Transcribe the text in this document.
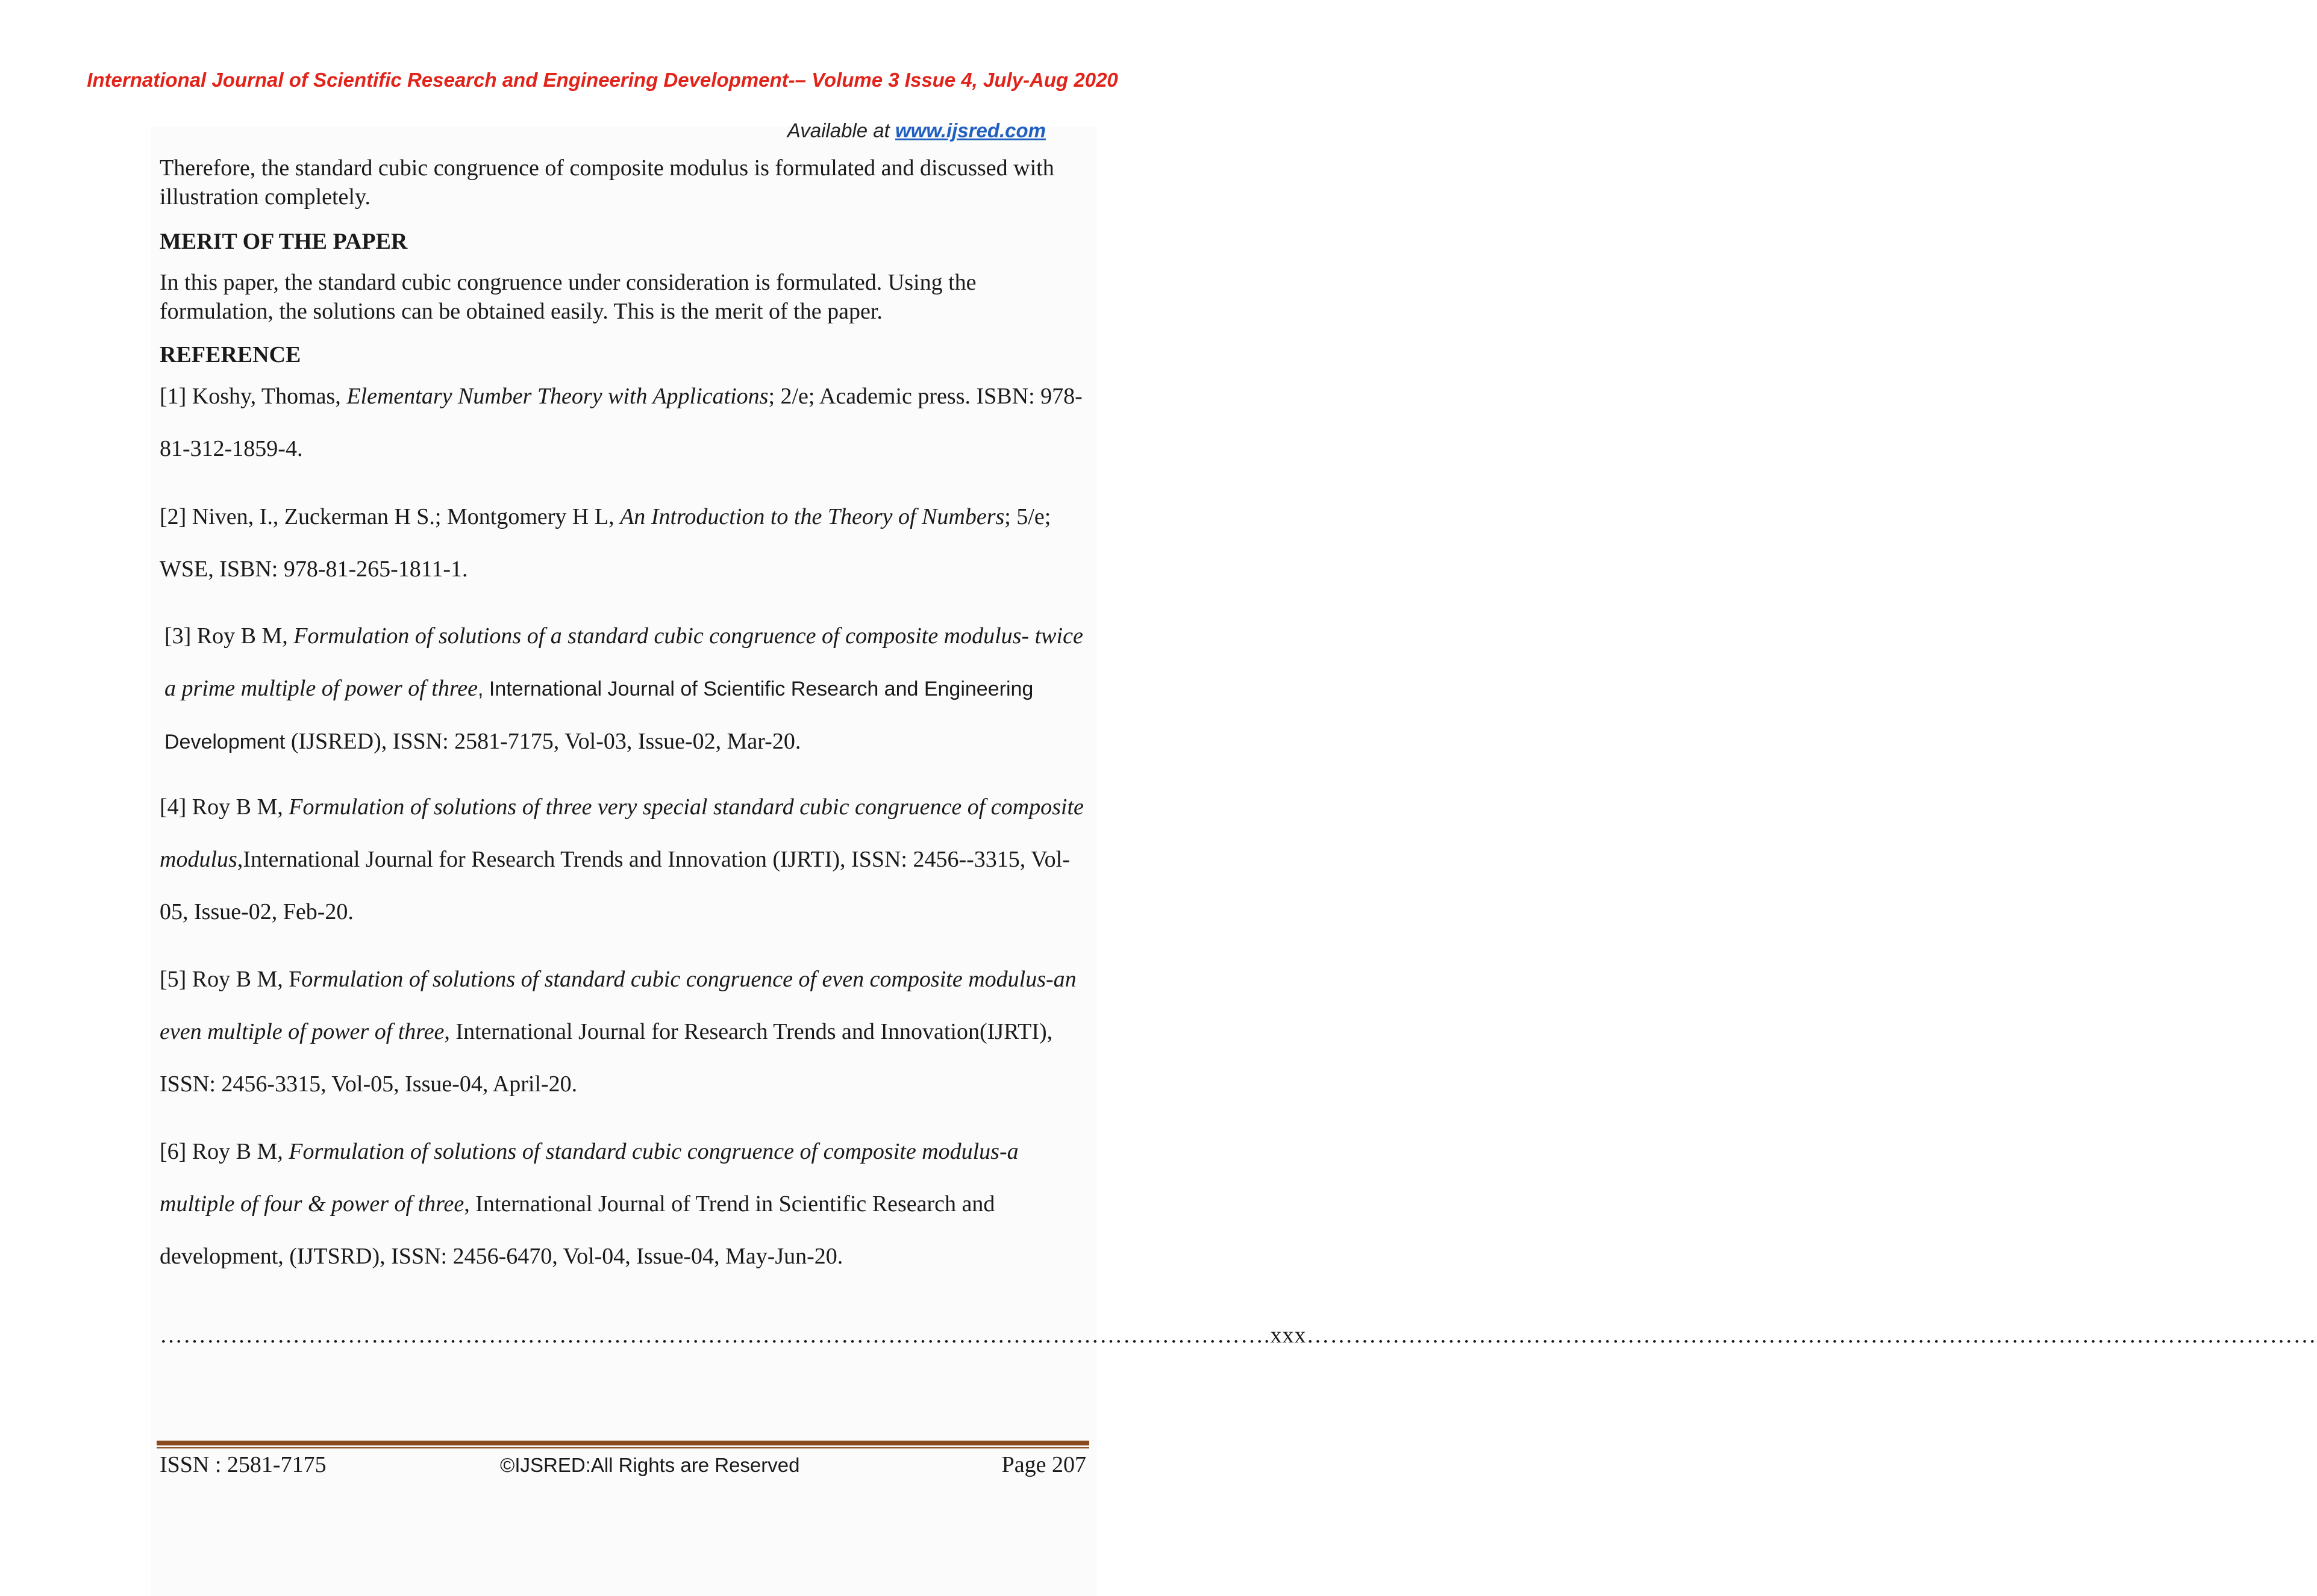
International Journal of Scientific Research and Engineering Development-– Volume 3 Issue 4, July-Aug 2020
Available at www.ijsred.com

Therefore, the standard cubic congruence of composite modulus is formulated and discussed with illustration completely.

MERIT OF THE PAPER

In this paper, the standard cubic congruence under consideration is formulated. Using the formulation, the solutions can be obtained easily. This is the merit of the paper.

REFERENCE

[1] Koshy, Thomas, Elementary Number Theory with Applications; 2/e; Academic press. ISBN: 978-81-312-1859-4.
[2] Niven, I., Zuckerman H S.; Montgomery H L, An Introduction to the Theory of Numbers; 5/e; WSE, ISBN: 978-81-265-1811-1.
[3] Roy B M, Formulation of solutions of a standard cubic congruence of composite modulus- twice a prime multiple of power of three, International Journal of Scientific Research and Engineering Development (IJSRED), ISSN: 2581-7175, Vol-03, Issue-02, Mar-20.
[4] Roy B M, Formulation of solutions of three very special standard cubic congruence of composite modulus,International Journal for Research Trends and Innovation (IJRTI), ISSN: 2456--3315, Vol-05, Issue-02, Feb-20.
[5] Roy B M, Formulation of solutions of standard cubic congruence of even composite modulus-an even multiple of power of three, International Journal for Research Trends and Innovation(IJRTI), ISSN: 2456-3315, Vol-05, Issue-04, April-20.
[6] Roy B M, Formulation of solutions of standard cubic congruence of composite modulus-a multiple of four & power of three, International Journal of Trend in Scientific Research and development, (IJTSRD), ISSN: 2456-6470, Vol-04, Issue-04, May-Jun-20.
…………………………………………………………………………………………………………………………….xxx…………………………………………………………………………………………………………………
ISSN : 2581-7175	©IJSRED:All Rights are Reserved	Page 207
